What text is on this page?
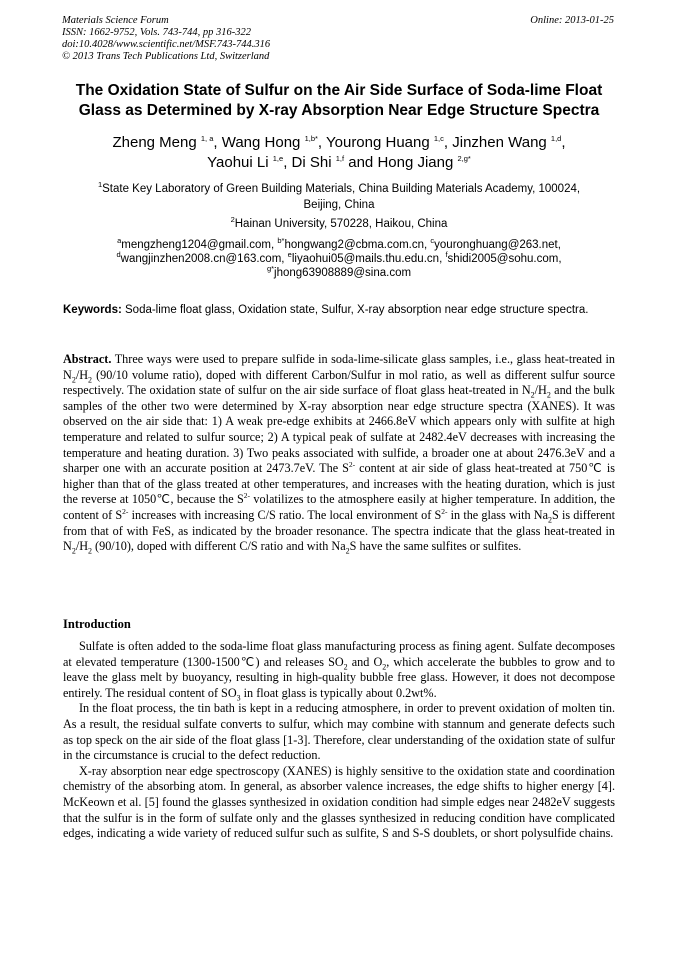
Materials Science Forum
ISSN: 1662-9752, Vols. 743-744, pp 316-322
doi:10.4028/www.scientific.net/MSF.743-744.316
© 2013 Trans Tech Publications Ltd, Switzerland
Online: 2013-01-25
The Oxidation State of Sulfur on the Air Side Surface of Soda-lime Float
Glass as Determined by X-ray Absorption Near Edge Structure Spectra
Zheng Meng $^{1, a}$, Wang Hong $^{1,b*}$, Yourong Huang $^{1,c}$, Jinzhen Wang $^{1,d}$,
Yaohui Li $^{1,e}$, Di Shi $^{1,f}$ and Hong Jiang $^{2,g*}$
$^1$State Key Laboratory of Green Building Materials, China Building Materials Academy, 100024,
Beijing, China
$^2$Hainan University, 570228, Haikou, China
$^a$mengzheng1204@gmail.com, $^{b*}$hongwang2@cbma.com.cn, $^c$youronghuang@263.net,
$^d$wangjinzhen2008.cn@163.com, $^e$liyaohui05@mails.thu.edu.cn, $^f$shidi2005@sohu.com,
$^{g*}$jhong63908889@sina.com
Keywords: Soda-lime float glass, Oxidation state, Sulfur, X-ray absorption near edge structure spectra.
Abstract. Three ways were used to prepare sulfide in soda-lime-silicate glass samples, i.e., glass heat-treated in $N_2/H_2$ (90/10 volume ratio), doped with different Carbon/Sulfur in mol ratio, as well as different sulfur source respectively. The oxidation state of sulfur on the air side surface of float glass heat-treated in $N_2/H_2$ and the bulk samples of the other two were determined by X-ray absorption near edge structure spectra (XANES). It was observed on the air side that: 1) A weak pre-edge exhibits at 2466.8eV which appears only with sulfite at high temperature and related to sulfur source; 2) A typical peak of sulfate at 2482.4eV decreases with increasing the temperature and heating duration. 3) Two peaks associated with sulfide, a broader one at about 2476.3eV and a sharper one with an accurate position at 2473.7eV. The $S^{2-}$ content at air side of glass heat-treated at 750℃ is higher than that of the glass treated at other temperatures, and increases with the heating duration, which is just the reverse at 1050℃, because the $S^{2-}$ volatilizes to the atmosphere easily at higher temperature. In addition, the content of $S^{2-}$ increases with increasing C/S ratio. The local environment of $S^{2-}$ in the glass with $Na_2S$ is different from that of with FeS, as indicated by the broader resonance. The spectra indicate that the glass heat-treated in $N_2/H_2$ (90/10), doped with different C/S ratio and with $Na_2S$ have the same sulfites or sulfites.
Introduction

Sulfate is often added to the soda-lime float glass manufacturing process as fining agent. Sulfate decomposes at elevated temperature (1300-1500℃) and releases $SO_2$ and $O_2$, which accelerate the bubbles to grow and to leave the glass melt by buoyancy, resulting in high-quality bubble free glass. However, it does not decompose entirely. The residual content of $SO_3$ in float glass is typically about 0.2wt%.

In the float process, the tin bath is kept in a reducing atmosphere, in order to prevent oxidation of molten tin. As a result, the residual sulfate converts to sulfur, which may combine with stannum and generate defects such as top speck on the air side of the float glass [1-3]. Therefore, clear understanding of the oxidation state of sulfur in the circumstance is crucial to the defect reduction.

X-ray absorption near edge spectroscopy (XANES) is highly sensitive to the oxidation state and coordination chemistry of the absorbing atom. In general, as absorber valence increases, the edge shifts to higher energy [4]. McKeown et al. [5] found the glasses synthesized in oxidation condition had simple edges near 2482eV suggests that the sulfur is in the form of sulfate only and the glasses synthesized in reducing condition have complicated edges, indicating a wide variety of reduced sulfur such as sulfite, S and S-S doublets, or short polysulfide chains.
